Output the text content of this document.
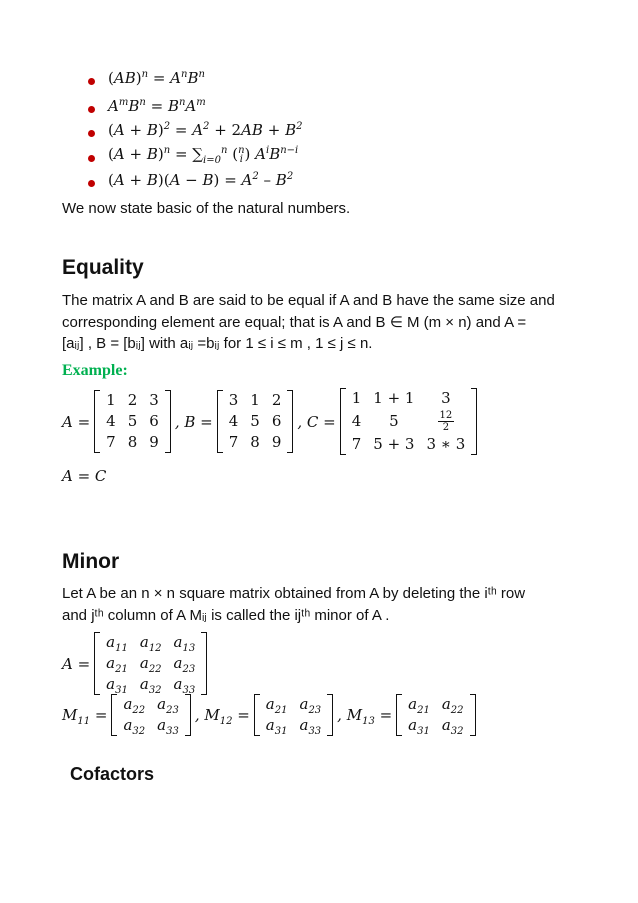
$(AB)^n = A^nB^n$
$A^mB^n = B^nA^m$
$(A + B)^2 = A^2 + 2AB + B^2$
$(A + B)^n = \sum_{i=0}^n$ (n
i ) $A^iB^{n-i}$
$(A + B)(A - B) = A^2 - B^2$
We now state basic of the natural numbers.
Equality
The matrix A and B are said to be equal if A and B have the same size and
corresponding element are equal; that is A and B ∈ M (m × n) and A =
[aᵢⱼ] , B = [bᵢⱼ] with aᵢⱼ =bᵢⱼ for 1 ≤ i ≤ m , 1 ≤ j ≤ n.
Example:
A =
1	2	3
4	5	6
7	8	9
, B =
3	1	2
4	5	6
7	8	9
, C =
1	1 + 1	3
4	5	$\frac{12}{2}$
7	5 + 3	3 ∗ 3
A = C
Minor
Let A be an n × n square matrix obtained from A by deleting the iᵗʰ row
and jᵗʰ column of A Mᵢⱼ is called the ijᵗʰ minor of A .
A =
$a_{11}$	$a_{12}$	$a_{13}$
$a_{21}$	$a_{22}$	$a_{23}$
$a_{31}$	$a_{32}$	$a_{33}$
$M_{11}$ =
$a_{22}$	$a_{23}$
$a_{32}$	$a_{33}$
, $M_{12}$ =
$a_{21}$	$a_{23}$
$a_{31}$	$a_{33}$
, $M_{13}$ =
$a_{21}$	$a_{22}$
$a_{31}$	$a_{32}$
Cofactors
